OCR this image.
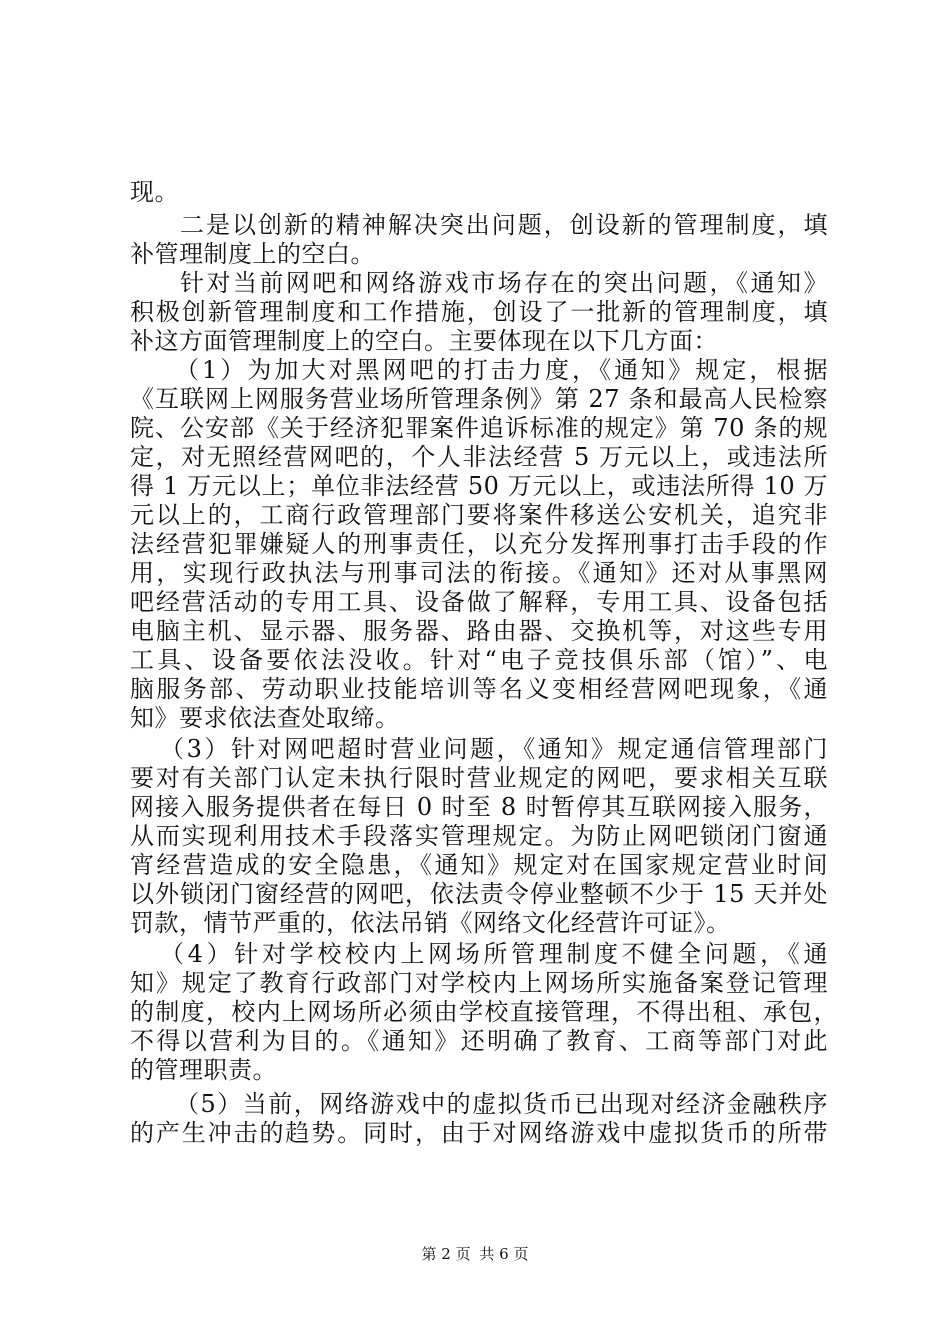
现。
二是以创新的精神解决突出问题，创设新的管理制度，填
补管理制度上的空白。
针对当前网吧和网络游戏市场存在的突出问题，《通知》
积极创新管理制度和工作措施，创设了一批新的管理制度，填
补这方面管理制度上的空白。主要体现在以下几方面：
（1）为加大对黑网吧的打击力度，《通知》规定，根据
《互联网上网服务营业场所管理条例》第 27 条和最高人民检察
院、公安部《关于经济犯罪案件追诉标准的规定》第 70 条的规
定，对无照经营网吧的，个人非法经营 5 万元以上，或违法所
得 1 万元以上；单位非法经营 50 万元以上，或违法所得 10 万
元以上的，工商行政管理部门要将案件移送公安机关，追究非
法经营犯罪嫌疑人的刑事责任，以充分发挥刑事打击手段的作
用，实现行政执法与刑事司法的衔接。《通知》还对从事黑网
吧经营活动的专用工具、设备做了解释，专用工具、设备包括
电脑主机、显示器、服务器、路由器、交换机等，对这些专用
工具、设备要依法没收。针对“电子竞技俱乐部（馆）”、电
脑服务部、劳动职业技能培训等名义变相经营网吧现象，《通
知》要求依法查处取缔。
（3）针对网吧超时营业问题，《通知》规定通信管理部门
要对有关部门认定未执行限时营业规定的网吧，要求相关互联
网接入服务提供者在每日 0 时至 8 时暂停其互联网接入服务，
从而实现利用技术手段落实管理规定。为防止网吧锁闭门窗通
宵经营造成的安全隐患，《通知》规定对在国家规定营业时间
以外锁闭门窗经营的网吧，依法责令停业整顿不少于 15 天并处
罚款，情节严重的，依法吊销《网络文化经营许可证》。
（4）针对学校校内上网场所管理制度不健全问题，《通
知》规定了教育行政部门对学校内上网场所实施备案登记管理
的制度，校内上网场所必须由学校直接管理，不得出租、承包，
不得以营利为目的。《通知》还明确了教育、工商等部门对此
的管理职责。
（5）当前，网络游戏中的虚拟货币已出现对经济金融秩序
的产生冲击的趋势。同时，由于对网络游戏中虚拟货币的所带
第 2 页 共 6 页
